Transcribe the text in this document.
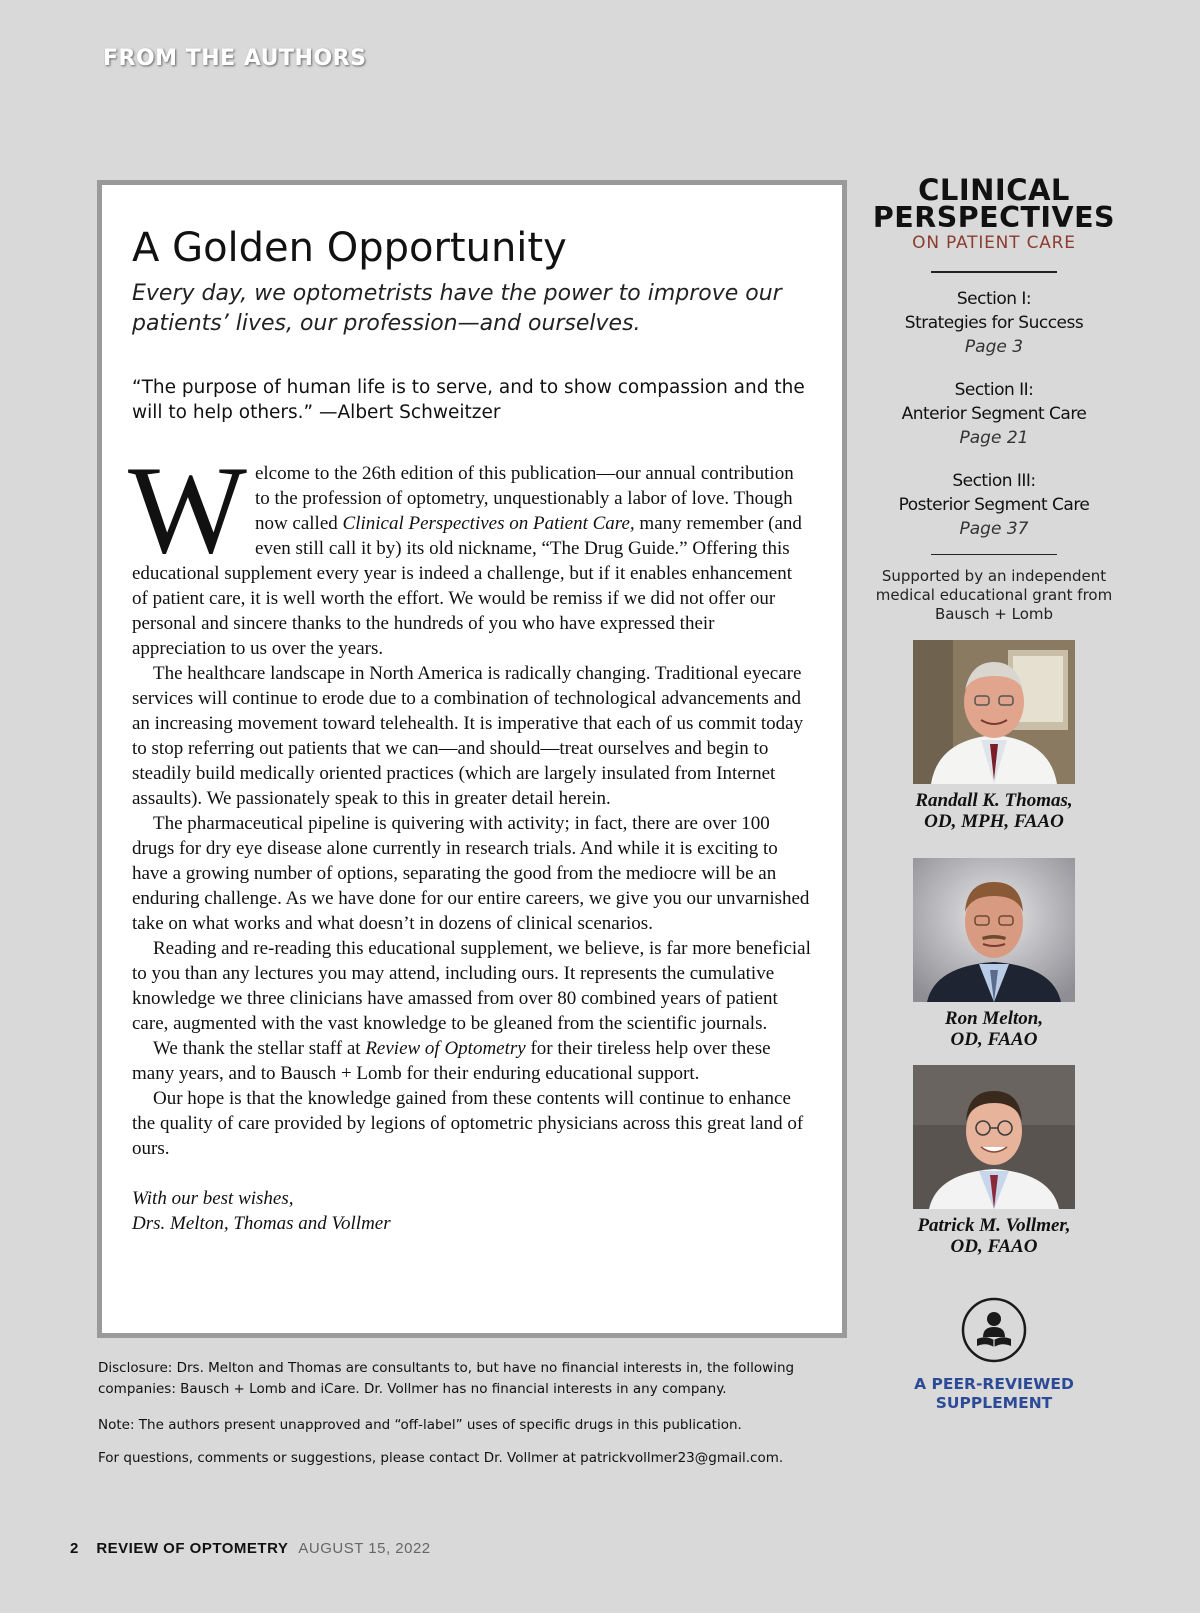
FROM THE AUTHORS
A Golden Opportunity
Every day, we optometrists have the power to improve our patients’ lives, our profession—and ourselves.
“The purpose of human life is to serve, and to show compassion and the will to help others.” —Albert Schweitzer

Welcome to the 26th edition of this publication—our annual contribution to the profession of optometry, unquestionably a labor of love. Though now called Clinical Perspectives on Patient Care, many remember (and even still call it by) its old nickname, “The Drug Guide.” Offering this educational supplement every year is indeed a challenge, but if it enables enhancement of patient care, it is well worth the effort. We would be remiss if we did not offer our personal and sincere thanks to the hundreds of you who have expressed their appreciation to us over the years.

The healthcare landscape in North America is radically changing. Traditional eyecare services will continue to erode due to a combination of technological advancements and an increasing movement toward telehealth. It is imperative that each of us commit today to stop referring out patients that we can—and should—treat ourselves and begin to steadily build medically oriented practices (which are largely insulated from Internet assaults). We passionately speak to this in greater detail herein.

The pharmaceutical pipeline is quivering with activity; in fact, there are over 100 drugs for dry eye disease alone currently in research trials. And while it is exciting to have a growing number of options, separating the good from the mediocre will be an enduring challenge. As we have done for our entire careers, we give you our unvarnished take on what works and what doesn’t in dozens of clinical scenarios.

Reading and re-reading this educational supplement, we believe, is far more beneficial to you than any lectures you may attend, including ours. It represents the cumulative knowledge we three clinicians have amassed from over 80 combined years of patient care, augmented with the vast knowledge to be gleaned from the scientific journals.

We thank the stellar staff at Review of Optometry for their tireless help over these many years, and to Bausch + Lomb for their enduring educational support.

Our hope is that the knowledge gained from these contents will continue to enhance the quality of care provided by legions of optometric physicians across this great land of ours.

With our best wishes,
Drs. Melton, Thomas and Vollmer

Disclosure: Drs. Melton and Thomas are consultants to, but have no financial interests in, the following companies: Bausch + Lomb and iCare. Dr. Vollmer has no financial interests in any company.

Note: The authors present unapproved and “off-label” uses of specific drugs in this publication.

For questions, comments or suggestions, please contact Dr. Vollmer at patrickvollmer23@gmail.com.

CLINICAL
PERSPECTIVES
ON PATIENT CARE
Section I:
Strategies for Success
Page 3
Section II:
Anterior Segment Care
Page 21
Section III:
Posterior Segment Care
Page 37
Supported by an independent medical educational grant from Bausch + Lomb
Randall K. Thomas,
OD, MPH, FAAO
Ron Melton,
OD, FAAO
Patrick M. Vollmer,
OD, FAAO
A PEER-REVIEWED
SUPPLEMENT
2 REVIEW OF OPTOMETRY AUGUST 15, 2022
